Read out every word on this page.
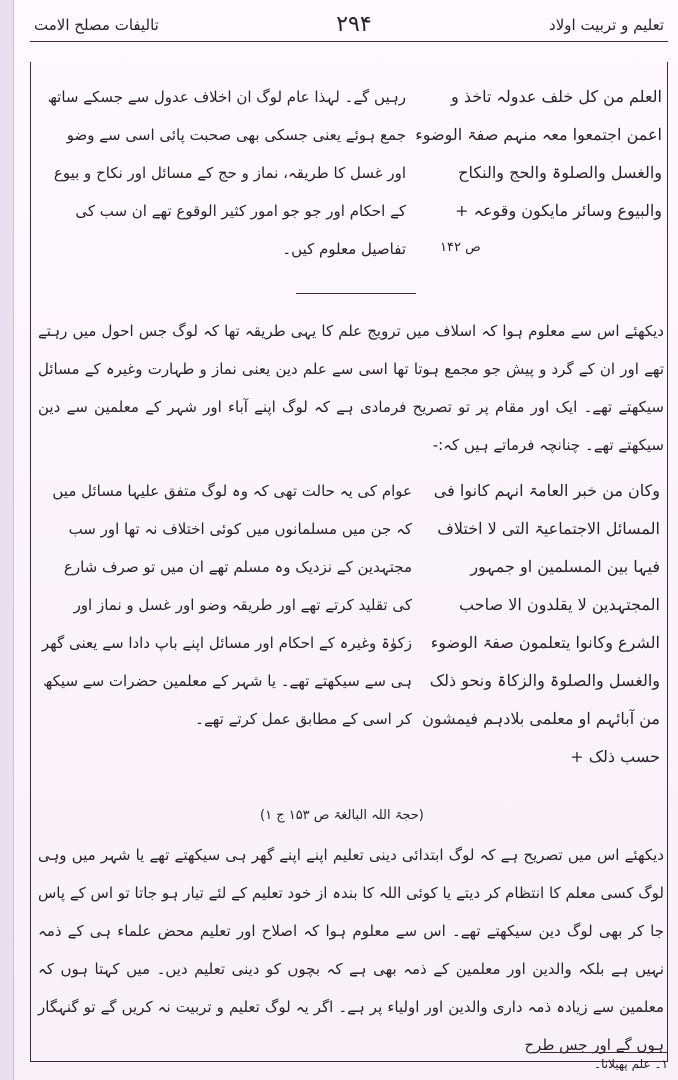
تعلیم و تربیت اولاد
۲۹۴
تالیفات مصلح الامت

العلم من کل خلف عدولہ تاخذ و اعمن اجتمعوا معہ منہم صفۃ الوضوء والغسل والصلوۃ والحج والنکاح والبیوع وسائر مایکون وقوعہ +

رہیں گے۔ لہذا عام لوگ ان اخلاف عدول سے جسکے ساتھ جمع ہوئے یعنی جسکی بھی صحبت پائی اسی سے وضو اور غسل کا طریقہ، نماز و حج کے مسائل اور نکاح و بیوع کے احکام اور جو جو امور کثیر الوقوع تھے ان سب کی تفاصیل معلوم کیں۔	ص ۱۴۲

دیکھئے اس سے معلوم ہوا کہ اسلاف میں ترویج علم کا یہی طریقہ تھا کہ لوگ جس احول میں رہتے تھے اور ان کے گرد و پیش جو مجمع ہوتا تھا اسی سے علم دین یعنی نماز و طہارت وغیرہ کے مسائل سیکھتے تھے۔ ایک اور مقام پر تو تصریح فرمادی ہے کہ لوگ اپنے آباء اور شہر کے معلمین سے دین سیکھتے تھے۔ چنانچہ فرماتے ہیں کہ:-

وکان من خبر العامۃ انہم کانوا فی المسائل الاجتماعیۃ التی لا اختلاف فیہا بین المسلمین او جمہور المجتہدین لا یقلدون الا صاحب الشرع وکانوا یتعلمون صفۃ الوضوء والغسل والصلوۃ والزکاۃ ونحو ذلک من آبائہم او معلمی بلادہم فیمشون حسب ذلک +

عوام کی یہ حالت تھی کہ وہ لوگ متفق علیہا مسائل میں کہ جن میں مسلمانوں میں کوئی اختلاف نہ تھا اور سب مجتہدین کے نزدیک وہ مسلم تھے ان میں تو صرف شارع کی تقلید کرتے تھے اور طریقہ وضو اور غسل و نماز اور زکوٰۃ وغیرہ کے احکام اور مسائل اپنے باپ دادا سے یعنی گھر ہی سے سیکھتے تھے۔ یا شہر کے معلمین حضرات سے سیکھ کر اسی کے مطابق عمل کرتے تھے۔

(حجۃ اللہ البالغۃ ص ۱۵۳ ج ۱)

دیکھئے اس میں تصریح ہے کہ لوگ ابتدائی دینی تعلیم اپنے اپنے گھر ہی سیکھتے تھے یا شہر میں وہی لوگ کسی معلم کا انتظام کر دیتے یا کوئی اللہ کا بندہ از خود تعلیم کے لئے تیار ہو جاتا تو اس کے پاس جا کر بھی لوگ دین سیکھتے تھے۔ اس سے معلوم ہوا کہ اصلاح اور تعلیم محض علماء ہی کے ذمہ نہیں ہے بلکہ والدین اور معلمین کے ذمہ بھی ہے کہ بچوں کو دینی تعلیم دیں۔ میں کہتا ہوں کہ معلمین سے زیادہ ذمہ داری والدین اور اولیاء پر ہے۔ اگر یہ لوگ تعلیم و تربیت نہ کریں گے تو گنہگار ہوں گے اور جس طرح

۱۔ علم پھیلانا۔
